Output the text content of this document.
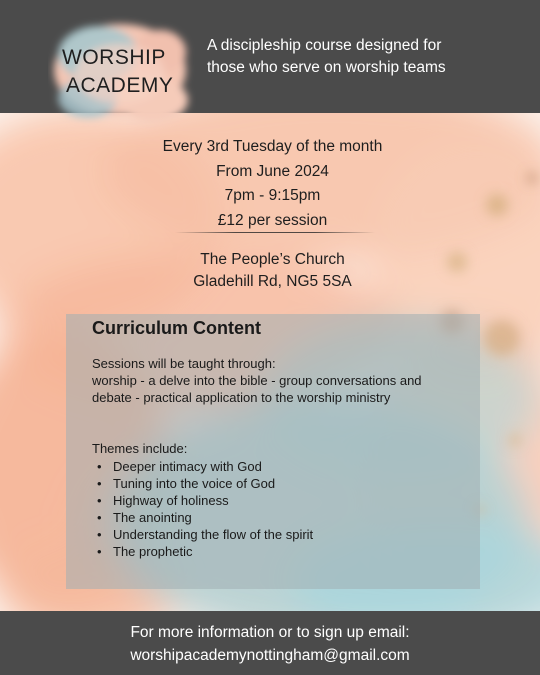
WORSHIP
ACADEMY
A discipleship course designed for
those who serve on worship teams
Every 3rd Tuesday of the month
From June 2024
7pm - 9:15pm
£12 per session
The People’s Church
Gladehill Rd, NG5 5SA
Curriculum Content
Sessions will be taught through:
worship - a delve into the bible - group conversations and
debate - practical application to the worship ministry
Themes include:
• Deeper intimacy with God
• Tuning into the voice of God
• Highway of holiness
• The anointing
• Understanding the flow of the spirit
• The prophetic
For more information or to sign up email:
worshipacademynottingham@gmail.com
